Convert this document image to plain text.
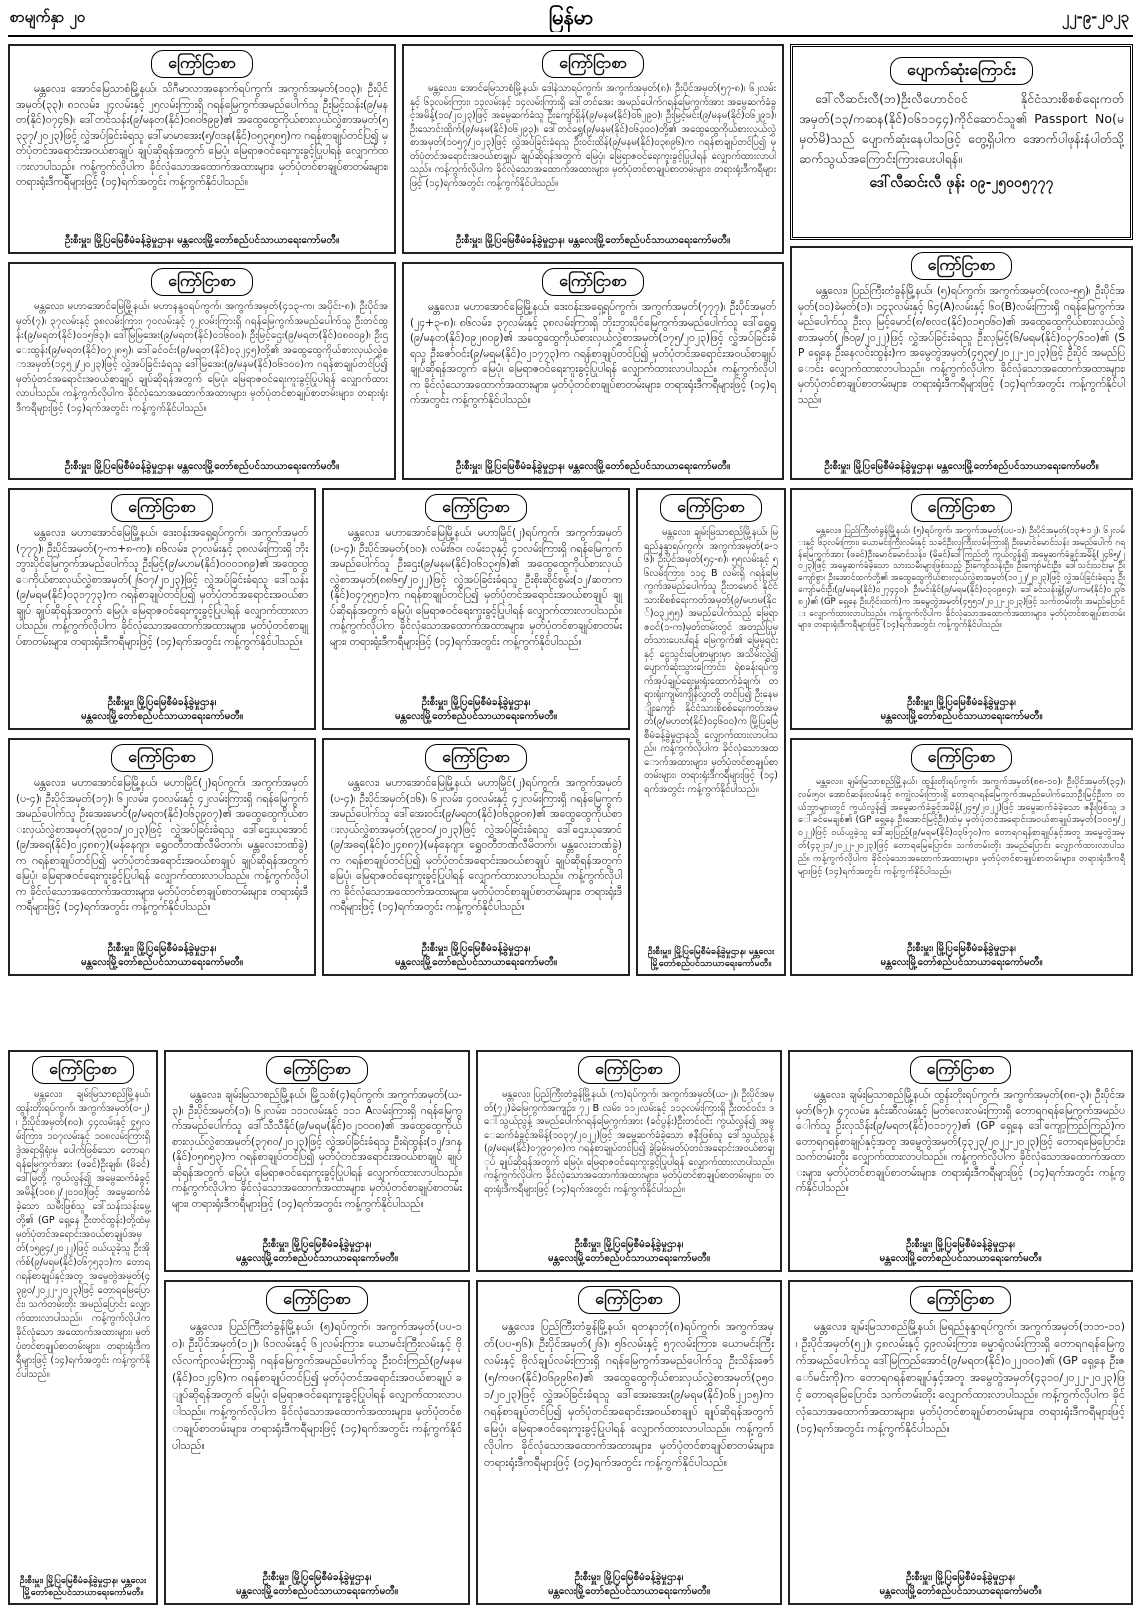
စာမျက်နှာ ၂၀	မြန်မာ	၂၂-၉-၂၀၂၃
ကြော်ငြာစာ
မန္တလေး၊ အောင်မြေသာစံမြို့နယ်၊ သိဂီမာလာအနောက်ရပ်ကွက်၊ အကွက်အမှတ်(၁၀၃)၊ ဦးပိုင်အမှတ်(၃၃)၊ ၈၁လမ်း၊ ၂၄လမ်းနှင့် ၂၅လမ်းကြားရှိ ဂရန်မြေကွက်အမည်ပေါက်သူ ဦးမြင့်သန်း(၉/မနတ(နိုင်)၀၇၄၆)၊ ဒေါ်တင်သန်း(၉/မနတ(နိုင်)၀၈၀၆၉၉)၏ အထွေထွေကိုယ်စားလှယ်လွှဲစာအမှတ်(၅၃၃၇/၂၀၂၃)ဖြင့် လွှဲအပ်ခြင်းခံရသူ ဒေါ်မာမာအေး(၅/ဝဒန(နိုင်)၀၅၃၅၈၅)က ဂရန်စာချုပ်တင်ပြ၍ မှတ်ပုံတင်အရောင်းအဝယ်စာချုပ် ချုပ်ဆိုရန်အတွက် မြေပုံ၊ မြေရာဇဝင်ရေးကူးခွင့်ပြုပါရန် လျှောက်ထားလာပါသည်။ ကန့်ကွက်လိုပါက ခိုင်လုံသောအထောက်အထားများ၊ မှတ်ပုံတင်စာချုပ်စာတမ်းများ၊ တရားရုံးဒီကရီများဖြင့် (၁၄)ရက်အတွင်း ကန့်ကွက်နိုင်ပါသည်။
ဦးစီးမှူး၊ မြို့ပြမြေစီမံခန့်ခွဲမှုဌာန၊ မန္တလေးမြို့တော်စည်ပင်သာယာရေးကော်မတီ။
ကြော်ငြာစာ
မန္တလေး၊ အောင်မြေသာစံမြို့နယ်၊ ဒေါနဲသာရပ်ကွက်၊ အကွက်အမှတ်(၈)၊ ဦးပိုင်အမှတ်(၅၇-၈)၊ ၆၂လမ်းနှင့် ၆၃လမ်းကြား၊ ၁၃လမ်းနှင့် ၁၄လမ်းကြားရှိ ဒေါ်တင်အေး အမည်ပေါက်ဂရန်မြေကွက်အား အမွေဆက်ခံခွင့်အမိန့်(၁၀/၂၀၂၃)ဖြင့် အမွေဆက်ခံသူ ဦးကျော်ရှိန်(၉/မနမ(နိုင်)၀၆၂၉၀)၊ ဦးမြင့်မင်း(၉/မနမ(နိုင်)၀၆၂၉၁)၊ ဦးသောင်းထိုက်(၉/မနမ(နိုင်)၀၆၂၉၃)၊ ဒေါ်တင်ရွှေ(၉/မနမ(နိုင်)၀၆၃၀၀)တို့၏ အထွေထွေကိုယ်စားလှယ်လွှဲစာအမှတ်(၁၀၅၇/၂၀၂၃)ဖြင့် လွှဲအပ်ခြင်းခံရသူ ဦးဝင်းထိန်(၉/မနမ(နိုင်)၀၃၈၉၆)က ဂရန်စာချုပ်တင်ပြ၍ မှတ်ပုံတင်အရောင်းအဝယ်စာချုပ် ချုပ်ဆိုရန်အတွက် မြေပုံ၊ မြေရာဇဝင်ရေးကူးခွင့်ပြုပါရန် လျှောက်ထားလာပါသည်။ ကန့်ကွက်လိုပါက ခိုင်လုံသောအထောက်အထားများ၊ မှတ်ပုံတင်စာချုပ်စာတမ်းများ၊ တရားရုံးဒီကရီများဖြင့် (၁၄)ရက်အတွင်း ကန့်ကွက်နိုင်ပါသည်။
ဦးစီးမှူး၊ မြို့ပြမြေစီမံခန့်ခွဲမှုဌာန၊ မန္တလေးမြို့တော်စည်ပင်သာယာရေးကော်မတီ။
ပျောက်ဆုံးကြောင်း
ဒေါ်လီဆင်းလီ(ဘ)ဦးလီဟောင်ဝင် နိုင်ငံသားစိစစ်ရေးကတ်အမှတ်(၁၃/ကဆန(နိုင်)၀၆၁၁၄၄)ကိုင်ဆောင်သူ၏ Passport No(မမှတ်မိ)သည် ပျောက်ဆုံးနေပါသဖြင့် တွေ့ရှိပါက အောက်ပါဖုန်းနံပါတ်သို့ ဆက်သွယ်အကြောင်းကြားပေးပါရန်။
ဒေါ်လီဆင်းလီ ဖုန်း ၀၉-၂၅၀၀၅၇၇၇
ကြော်ငြာစာ
မန္တလေး၊ မဟာအောင်မြေမြို့နယ်၊ မဟာနန္ဒဝရပ်ကွက်၊ အကွက်အမှတ်(၄၁၃-က၊ အပိုင်း-၈)၊ ဦးပိုင်အမှတ်(၇)၊ ၃၇လမ်းနှင့် ၃၈လမ်းကြား၊ ၇၀လမ်းနှင့် ၇၂လမ်းကြားရှိ ဂရန်မြေကွက်အမည်ပေါက်သူ ဦးတင်ထွန်း(၉/မရတ(နိုင်)၀၁၅၆၃)၊ ဒေါ်မြမြအေး(၉/မရတ(နိုင်)၀၁၆၀၀)၊ ဦးမြင့်ဌေး(၉/မရတ(နိုင်)၀၈၀၀၉)၊ ဦးဌေးထွန်း(၉/မရတ(နိုင်)၀၇၂၈၅)၊ ဒေါ်ခင်ဝင်း(၉/မရတ(နိုင်)၀၃၂၄၅)တို့၏ အထွေထွေကိုယ်စားလှယ်လွှဲစာအမှတ်(၁၄၅၂/၂၀၂၃)ဖြင့် လွှဲအပ်ခြင်းခံရသူ ဒေါ်မြအေး(၉/မနမ(နိုင်)၀၆၁၀၀)က ဂရန်စာချုပ်တင်ပြ၍ မှတ်ပုံတင်အရောင်းအဝယ်စာချုပ် ချုပ်ဆိုရန်အတွက် မြေပုံ၊ မြေရာဇဝင်ရေးကူးခွင့်ပြုပါရန် လျှောက်ထားလာပါသည်။ ကန့်ကွက်လိုပါက ခိုင်လုံသောအထောက်အထားများ၊ မှတ်ပုံတင်စာချုပ်စာတမ်းများ၊ တရားရုံးဒီကရီများဖြင့် (၁၄)ရက်အတွင်း ကန့်ကွက်နိုင်ပါသည်။
ဦးစီးမှူး၊ မြို့ပြမြေစီမံခန့်ခွဲမှုဌာန၊ မန္တလေးမြို့တော်စည်ပင်သာယာရေးကော်မတီ။
ကြော်ငြာစာ
မန္တလေး၊ မဟာအောင်မြေမြို့နယ်၊ ဒေးဝန်းအရှေ့ရပ်ကွက်၊ အကွက်အမှတ်(၇၇၇)၊ ဦးပိုင်အမှတ်(၂၄+၃-၈)၊ ၈၆လမ်း၊ ၃၇လမ်းနှင့် ၃၈လမ်းကြားရှိ ဘိုးဘွားပိုင်မြေကွက်အမည်ပေါက်သူ ဒေါ်ရွှေရှု(၉/မနတ(နိုင်)၀၉၂၈၀၉)၏ အထွေထွေကိုယ်စားလှယ်လွှဲစာအမှတ်(၁၇၅/၂၀၂၃)ဖြင့် လွှဲအပ်ခြင်းခံရသူ ဦးဇော်ဝင်း(၉/မရမ(နိုင်)၀၂၁၇၇၃)က ဂရန်စာချုပ်တင်ပြ၍ မှတ်ပုံတင်အရောင်းအဝယ်စာချုပ် ချုပ်ဆိုရန်အတွက် မြေပုံ၊ မြေရာဇဝင်ရေးကူးခွင့်ပြုပါရန် လျှောက်ထားလာပါသည်။ ကန့်ကွက်လိုပါက ခိုင်လုံသောအထောက်အထားများ၊ မှတ်ပုံတင်စာချုပ်စာတမ်းများ၊ တရားရုံးဒီကရီများဖြင့် (၁၄)ရက်အတွင်း ကန့်ကွက်နိုင်ပါသည်။
ဦးစီးမှူး၊ မြို့ပြမြေစီမံခန့်ခွဲမှုဌာန၊ မန္တလေးမြို့တော်စည်ပင်သာယာရေးကော်မတီ။
ကြော်ငြာစာ
မန္တလေး၊ ပြည်ကြီးတံခွန်မြို့နယ်၊ (၅)ရပ်ကွက်၊ အကွက်အမှတ်(လလ-၅၅)၊ ဦးပိုင်အမှတ်(၁၁)ခဲမှတ်(၁)၊ ၁၄၃လမ်းနှင့် ၆၄(A)လမ်းနှင့် ၆၀(B)လမ်းကြားရှိ ဂရန်မြေကွက်အမည်ပေါက်သူ ဦးလှ မြင့်မောင်(၈/စလင(နိုင်)၀၁၅၁၆၀)၏ အထွေထွေကိုယ်စားလှယ်လွှဲစာအမှတ်(၂၆၀၉/၂၀၂၂)ဖြင့် လွှဲအပ်ခြင်းခံရသူ ဦးလှမြင့်(၆/မရမ(နိုင်)၀၃၇၆၁၀)၏ (SP ရှေ့နေ ဦးနေလင်းထွန်း)က အမွေတွဲအမှတ်(၄၅၃၅/၂၀၂၂-၂၀၂၃)ဖြင့် ဦးပိုင် အမည်ပြောင်း လျှောက်ထားလာပါသည်။ ကန့်ကွက်လိုပါက ခိုင်လုံသောအထောက်အထားများ၊ မှတ်ပုံတင်စာချုပ်စာတမ်းများ၊ တရားရုံးဒီကရီများဖြင့် (၁၄)ရက်အတွင်း ကန့်ကွက်နိုင်ပါသည်။
ဦးစီးမှူး၊ မြို့ပြမြေစီမံခန့်ခွဲမှုဌာန၊ မန္တလေးမြို့တော်စည်ပင်သာယာရေးကော်မတီ။
ကြော်ငြာစာ
မန္တလေး၊ မဟာအောင်မြေမြို့နယ်၊ ဒေးဝန်းအရှေ့ရပ်ကွက်၊ အကွက်အမှတ်(၇၇၇)၊ ဦးပိုင်အမှတ်(၇-က+၈-က)၊ ၈၆လမ်း၊ ၃၇လမ်းနှင့် ၃၈လမ်းကြားရှိ ဘိုးဘွားပိုင်မြေကွက်အမည်ပေါက်သူ ဦးမြင့်(၉/မဟမ(နိုင်)၀၀၀၁၈၉)၏ အထွေထွေကိုယ်စားလှယ်လွှဲစာအမှတ်(၂၆၀၇/၂၀၂၃)ဖြင့် လွှဲအပ်ခြင်းခံရသူ ဒေါ်သန်း(၉/မရမ(နိုင်)၀၃၁၇၇၃)က ဂရန်စာချုပ်တင်ပြ၍ မှတ်ပုံတင်အရောင်းအဝယ်စာချုပ် ချုပ်ဆိုရန်အတွက် မြေပုံ၊ မြေရာဇဝင်ရေးကူးခွင့်ပြုပါရန် လျှောက်ထားလာပါသည်။ ကန့်ကွက်လိုပါက ခိုင်လုံသောအထောက်အထားများ၊ မှတ်ပုံတင်စာချုပ်စာတမ်းများ၊ တရားရုံးဒီကရီများဖြင့် (၁၄)ရက်အတွင်း ကန့်ကွက်နိုင်ပါသည်။
ဦးစီးမှူး၊ မြို့ပြမြေစီမံခန့်ခွဲမှုဌာန၊
မန္တလေးမြို့တော်စည်ပင်သာယာရေးကော်မတီ။
ကြော်ငြာစာ
မန္တလေး၊ မဟာအောင်မြေမြို့နယ်၊ မဟာမြိုင်(၂)ရပ်ကွက်၊ အကွက်အမှတ်(ပ-၄)၊ ဦးပိုင်အမှတ်(၁၀)၊ လမ်း၆၀၊ လမ်း၁၃နှင့် ၄၁လမ်းကြားရှိ ဂရန်မြေကွက်အမည်ပေါက်သူ ဦးဌေး(၉/မနမ(နိုင်)၀၆၁၃၅၆)၏ အထွေထွေကိုယ်စားလှယ်လွှဲစာအမှတ်(၈၈၆၅/၂၀၂၂)ဖြင့် လွှဲအပ်ခြင်းခံရသူ ဦးစိုးဆိုင်စွမ်း(၁၂/ဆတက(နိုင်)၀၄၇၅၅၁)က ဂရန်စာချုပ်တင်ပြ၍ မှတ်ပုံတင်အရောင်းအဝယ်စာချုပ် ချုပ်ဆိုရန်အတွက် မြေပုံ၊ မြေရာဇဝင်ရေးကူးခွင့်ပြုပါရန် လျှောက်ထားလာပါသည်။ ကန့်ကွက်လိုပါက ခိုင်လုံသောအထောက်အထားများ၊ မှတ်ပုံတင်စာချုပ်စာတမ်းများ၊ တရားရုံးဒီကရီများဖြင့် (၁၄)ရက်အတွင်း ကန့်ကွက်နိုင်ပါသည်။
ဦးစီးမှူး၊ မြို့ပြမြေစီမံခန့်ခွဲမှုဌာန၊
မန္တလေးမြို့တော်စည်ပင်သာယာရေးကော်မတီ။
ကြော်ငြာစာ
မန္တလေး၊ ချမ်းမြသာစည်မြို့နယ်၊ မြရည်နန္ဒာရပ်ကွက်၊ အကွက်အမှတ်(ခ-၁၆)၊ ဦးပိုင်အမှတ်(၅၄-၈)၊ ၅၅လမ်းနှင့် ၅၆လမ်းကြား၊ ၁၁၄ B လမ်းရှိ ဂရန်မြေကွက်အမည်ပေါက်သူ ဦးဘမောင် နိုင်ငံသားစိစစ်ရေးကတ်အမှတ်(၉/မဟမ(နိုင်)၀၃၂၅၅) အမည်ပေါက်သည့် မြေရာဇဝင်(၁-က)မှတ်တမ်းတွင် အတည်ပြုမှတ်သားပေးပါရန် မြေကွက်၏ မြေမူရင်းနှင့် ငွေသွင်းပြေစာများမှာ အသိမ်းလွှဲ၍ ပျောက်ဆုံးသွားကြောင်း၊ ရဲစခန်းရပ်ကွက်အုပ်ချုပ်ရေးမှူးရုံးထောက်ခံချက်၊ တရားရုံးကျမ်းကျိန်လွှာတို့ တင်ပြ၍ ဦးနေမျိုးကျော် နိုင်ငံသားစိစစ်ရေးကတ်အမှတ်(၉/မဟတ(နိုင်)၀၄၆၀၀)က မြို့ပြမြေစီမံခန့်ခွဲမှုဌာနသို့ လျှောက်ထားလာပါသည်။ ကန့်ကွက်လိုပါက ခိုင်လုံသောအထောက်အထားများ၊ မှတ်ပုံတင်စာချုပ်စာတမ်းများ၊ တရားရုံးဒီကရီများဖြင့် (၁၄)ရက်အတွင်း ကန့်ကွက်နိုင်ပါသည်။
ဦးစီးမှူး၊ မြို့ပြမြေစီမံခန့်ခွဲမှုဌာန၊ မန္တလေးမြို့တော်စည်ပင်သာယာရေးကော်မတီ။
ကြော်ငြာစာ
မန္တလေး၊ ပြည်ကြီးတံခွန်မြို့နယ်၊ (၅)ရပ်ကွက်၊ အကွက်အမှတ်(ပပ-၁)၊ ဦးပိုင်အမှတ်(၁၃+၁၂)၊ ၆၂လမ်းနှင့် ၆၃လမ်းကြား၊ ယောမင်းကြီးလမ်းနှင့် သခင်ဦးလှကြီးလမ်းကြားရှိ ဦးမောင်မောင်သန်း အမည်ပေါက် ဂရန်မြေကွက်အား (ဖခင်)ဦးမောင်မောင်သန်း၊ (မိခင်)ဒေါ်ကြည်တို့ ကွယ်လွန်၍ အမွေဆက်ခံခွင့်အမိန့်(၂၄၆၅/၂၀၂၃)ဖြင့် အမွေဆက်ခံခဲ့သော သားသမီးများဖြစ်သည့် ဦးကျော်သန်းဦး၊ ဦးကျော်မင်းဦး၊ ဒေါ်သင်းသင်းမူ၊ ဦးကျော်စွာ၊ ဦးအောင်ထက်တို့၏ အထွေထွေကိုယ်စားလှယ်လွှဲစာအမှတ်(၁၀၂၂/၂၀၂၃)ဖြင့် လွှဲအပ်ခြင်းခံရသူ ဦးကျော်မင်းဦး(၉/မရမ(နိုင်)၀၂၇၄၄၀)၊ ဦးမင်းနိုင်(၉/မရမ(နိုင်)၀၃၀၉၈၄)၊ ဒေါ်ခင်သန်းနွဲ့(၉/ပကမ(နိုင်)၀၂၃၆၈၂)၏ (GP ရှေ့နေ ဦးဟိုင်းထက်)က အမွေတွဲအမှတ်(၄၅၅၁/၂၀၂၂-၂၀၂၃)ဖြင့် သက်တမ်းတိုး အမည်ပြောင်း လျှောက်ထားလာပါသည်။ ကန့်ကွက်လိုပါက ခိုင်လုံသောအထောက်အထားများ၊ မှတ်ပုံတင်စာချုပ်စာတမ်းများ၊ တရားရုံးဒီကရီများဖြင့် (၁၄)ရက်အတွင်း ကန့်ကွက်နိုင်ပါသည်။
ဦးစီးမှူး၊ မြို့ပြမြေစီမံခန့်ခွဲမှုဌာန၊
မန္တလေးမြို့တော်စည်ပင်သာယာရေးကော်မတီ။
ကြော်ငြာစာ
မန္တလေး၊ မဟာအောင်မြေမြို့နယ်၊ မဟာမြိုင်(၂)ရပ်ကွက်၊ အကွက်အမှတ်(ပ-၄)၊ ဦးပိုင်အမှတ်(၁၇)၊ ၆၂လမ်း၊ ၄၀လမ်းနှင့် ၄၂လမ်းကြားရှိ ဂရန်မြေကွက်အမည်ပေါက်သူ ဦးအေးမောင်(၉/မရတ(နိုင်)၀၆၃၉၀၇)၏ အထွေထွေကိုယ်စားလှယ်လွှဲစာအမှတ်(၃၉၁၁/၂၀၂၃)ဖြင့် လွှဲအပ်ခြင်းခံရသူ ဒေါ်ဌေးယုအောင်(၉/အဓရ(နိုင်)၀၂၄၈၈၇)(မန်နေဂျာ၊ ရွှေဝတီဘဏ်လီမိတက်၊ မန္တလေးဘဏ်ခွဲ)က ဂရန်စာချုပ်တင်ပြ၍ မှတ်ပုံတင်အရောင်းအဝယ်စာချုပ် ချုပ်ဆိုရန်အတွက် မြေပုံ၊ မြေရာဇဝင်ရေးကူးခွင့်ပြုပါရန် လျှောက်ထားလာပါသည်။ ကန့်ကွက်လိုပါက ခိုင်လုံသောအထောက်အထားများ၊ မှတ်ပုံတင်စာချုပ်စာတမ်းများ၊ တရားရုံးဒီကရီများဖြင့် (၁၄)ရက်အတွင်း ကန့်ကွက်နိုင်ပါသည်။
ဦးစီးမှူး၊ မြို့ပြမြေစီမံခန့်ခွဲမှုဌာန၊
မန္တလေးမြို့တော်စည်ပင်သာယာရေးကော်မတီ။
ကြော်ငြာစာ
မန္တလေး၊ မဟာအောင်မြေမြို့နယ်၊ မဟာမြိုင်(၂)ရပ်ကွက်၊ အကွက်အမှတ်(ပ-၄)၊ ဦးပိုင်အမှတ်(၁၆)၊ ၆၂လမ်း၊ ၄၀လမ်းနှင့် ၄၂လမ်းကြားရှိ ဂရန်မြေကွက်အမည်ပေါက်သူ ဒေါ်အေးဝင်း(၉/မရတ(နိုင်)၀၆၃၉၀၈)၏ အထွေထွေကိုယ်စားလှယ်လွှဲစာအမှတ်(၃၉၁၀/၂၀၂၃)ဖြင့် လွှဲအပ်ခြင်းခံရသူ ဒေါ်ဌေးယုအောင်(၉/အဓရ(နိုင်)၀၂၄၈၈၇)(မန်နေဂျာ၊ ရွှေဝတီဘဏ်လီမိတက်၊ မန္တလေးဘဏ်ခွဲ)က ဂရန်စာချုပ်တင်ပြ၍ မှတ်ပုံတင်အရောင်းအဝယ်စာချုပ် ချုပ်ဆိုရန်အတွက် မြေပုံ၊ မြေရာဇဝင်ရေးကူးခွင့်ပြုပါရန် လျှောက်ထားလာပါသည်။ ကန့်ကွက်လိုပါက ခိုင်လုံသောအထောက်အထားများ၊ မှတ်ပုံတင်စာချုပ်စာတမ်းများ၊ တရားရုံးဒီကရီများဖြင့် (၁၄)ရက်အတွင်း ကန့်ကွက်နိုင်ပါသည်။
ဦးစီးမှူး၊ မြို့ပြမြေစီမံခန့်ခွဲမှုဌာန၊
မန္တလေးမြို့တော်စည်ပင်သာယာရေးကော်မတီ။
ကြော်ငြာစာ
မန္တလေး၊ ချမ်းမြသာစည်မြို့နယ်၊ ထွန်းတိုးရပ်ကွက်၊ အကွက်အမှတ်(၈၈-၁၀)၊ ဦးပိုင်အမှတ်(၃၄)၊ လမ်း၅၀၊ အောင်ဆန်းလမ်းနှင့် ၈ကျွဲလမ်းကြားရှိ တောရဂရန်မြေကွက်အမည်ပေါက်သောဦးမြင့်ဦးက တယ်ဘွာများတွင် ကွယ်လွန်၍ အမွေဆက်ခံခွင့်အမိန့်(၂၄၅/၂၀၂၂)ဖြင့် အမွေဆက်ခံခဲ့သော ဇနီးဖြစ်သူ ဒေါ်ခင်မေချစ်၏ (GP ရှေ့နေ ဦးအောင်မြင့်ဦး)ထံမှ မှတ်ပုံတင်အရောင်းအဝယ်စာချုပ်အမှတ်(၁၀၀၅/၂၀၂၂)ဖြင့် ဝယ်ယူခဲ့သူ ဒေါ်ဆုပြည့်(၉/မရမ(နိုင်)၀၃၆၇၀)က တောရဂရန်စာချုပ်နှင့်အတူ အမွေတွဲအမှတ်(၄၃၂၁/၂၀၂၂-၂၀၂၃)ဖြင့် တောရမြေပြောင်း၊ သက်တမ်းတိုး အမည်ပြောင်း လျှောက်ထားလာပါသည်။ ကန့်ကွက်လိုပါက ခိုင်လုံသောအထောက်အထားများ၊ မှတ်ပုံတင်စာချုပ်စာတမ်းများ၊ တရားရုံးဒီကရီများဖြင့် (၁၄)ရက်အတွင်း ကန့်ကွက်နိုင်ပါသည်။
ဦးစီးမှူး၊ မြို့ပြမြေစီမံခန့်ခွဲမှုဌာန၊
မန္တလေးမြို့တော်စည်ပင်သာယာရေးကော်မတီ။
ကြော်ငြာစာ
မန္တလေး၊ ချမ်းမြသာစည်မြို့နယ်၊ ထွန်းတိုးရပ်ကွက်၊ အကွက်အမှတ်(ဝ-၂)၊ ဦးပိုင်အမှတ်(၈၀)၊ ၄၄လမ်းနှင့် ၄၅လမ်းကြား၊ ၁၀၇လမ်းနှင့် ၁၀၈လမ်းကြားရှိ ဒွဲအရာရှိရုံးမှ ပေါက်ဖြစ်သော တောရဂရန်မြေကွက်အား (ဖခင်)ဦးချစ်၊ (မိခင်)ဒေါ်မြတို့ ကွယ်လွန်၍ အမွေဆက်ခံခွင့်အမိန့်(၁၀၈၂/၂၀၁၀)ဖြင့် အမွေဆက်ခံခဲ့သော သမီးဖြစ်သူ ဒေါ်သန်းသန်းမွေ့တို့၏ (GP ရှေ့နေ ဦးတင်ထွန်း)တို့ထံမှ မှတ်ပုံတင်အရောင်းအဝယ်စာချုပ်အမှတ်(၁၅၉၄/၂၀၂၂)ဖြင့် ဝယ်ယူခဲ့သူ ဦးအိုက်စ်(၉/မရမ(နိုင်)၀၆၇၅၃၁)က တောရဂရန်စာချုပ်နှင့်အတူ အမွေတွဲအမှတ်(၄၃၉၀/၂၀၂၂-၂၀၂၃)ဖြင့် တောရမြေပြောင်း၊ သက်တမ်းတိုး အမည်ပြောင်း လျှောက်ထားလာပါသည်။ ကန့်ကွက်လိုပါက ခိုင်လုံသော အထောက်အထားများ၊ မှတ်ပုံတင်စာချုပ်စာတမ်းများ၊ တရားရုံးဒီကရီများဖြင့် (၁၄)ရက်အတွင်း ကန့်ကွက်နိုင်ပါသည်။
ဦးစီးမှူး၊ မြို့ပြမြေစီမံခန့်ခွဲမှုဌာန၊ မန္တလေးမြို့တော်စည်ပင်သာယာရေးကော်မတီ။
ကြော်ငြာစာ
မန္တလေး၊ ချမ်းမြသာစည်မြို့နယ်၊ မြို့သစ်(၄)ရပ်ကွက်၊ အကွက်အမှတ်(ယ-၃)၊ ဦးပိုင်အမှတ်(၁)၊ ၆၂လမ်း၊ ၁၁၁လမ်းနှင့် ၁၁၁ Aလမ်းကြားရှိ ဂရန်မြေကွက်အမည်ပေါက်သူ ဒေါ်သီသီနိုင်(၉/မရမ(နိုင်)၀၂၁၀၀၈)၏ အထွေထွေကိုယ်စားလှယ်လွှဲစာအမှတ်(၃၇၈၀/၂၀၂၃)ဖြင့် လွှဲအပ်ခြင်းခံရသူ ဦးရဲထွန်း(၁၂/ဒဂန(နိုင်)၀၅၈၅၃)က ဂရန်စာချုပ်တင်ပြ၍ မှတ်ပုံတင်အရောင်းအဝယ်စာချုပ် ချုပ်ဆိုရန်အတွက် မြေပုံ၊ မြေရာဇဝင်ရေးကူးခွင့်ပြုပါရန် လျှောက်ထားလာပါသည်။ ကန့်ကွက်လိုပါက ခိုင်လုံသောအထောက်အထားများ၊ မှတ်ပုံတင်စာချုပ်စာတမ်းများ၊ တရားရုံးဒီကရီများဖြင့် (၁၄)ရက်အတွင်း ကန့်ကွက်နိုင်ပါသည်။
ဦးစီးမှူး၊ မြို့ပြမြေစီမံခန့်ခွဲမှုဌာန၊
မန္တလေးမြို့တော်စည်ပင်သာယာရေးကော်မတီ။
ကြော်ငြာစာ
မန္တလေး၊ ပြည်ကြီးတံခွန်မြို့နယ်၊ (က)ရပ်ကွက်၊ အကွက်အမှတ်(ယ-၂)၊ ဦးပိုင်အမှတ်(၇၂)ခဲမြေကွက်အကျဉ်း၊ ၇၂ B လမ်း၊ ၁၁၂လမ်းနှင့် ၁၁၃လမ်းကြားရှိ ဦးတင်ဝင်း၊ ဒေါ်သွယ်ညွန့် အမည်ပေါက်ဂရန်မြေကွက်အား (ခင်ပွန်း)ဦးတင်ဝင်း ကွယ်လွန်၍ အမွေဆက်ခံခွင့်အမိန့်(၁၀၃၇/၂၀၂၂)ဖြင့် အမွေဆက်ခံခဲ့သော ဇနီးဖြစ်သူ ဒေါ်သွယ်ညွန့်(၉/မရမ(နိုင်)၀၇၉၀၇၈)က ဂရန်စာချုပ်တင်ပြ၍ ခွဲခြမ်းမှတ်ပုံတင်အရောင်းအဝယ်စာချုပ် ချုပ်ဆိုရန်အတွက် မြေပုံ၊ မြေရာဇဝင်ရေးကူးခွင့်ပြုပါရန် လျှောက်ထားလာပါသည်။ ကန့်ကွက်လိုပါက ခိုင်လုံသောအထောက်အထားများ၊ မှတ်ပုံတင်စာချုပ်စာတမ်းများ၊ တရားရုံးဒီကရီများဖြင့် (၁၄)ရက်အတွင်း ကန့်ကွက်နိုင်ပါသည်။
ဦးစီးမှူး၊ မြို့ပြမြေစီမံခန့်ခွဲမှုဌာန၊
မန္တလေးမြို့တော်စည်ပင်သာယာရေးကော်မတီ။
ကြော်ငြာစာ
မန္တလေး၊ ချမ်းမြသာစည်မြို့နယ်၊ ထွန်းတိုးရပ်ကွက်၊ အကွက်အမှတ်(၈၈-၃)၊ ဦးပိုင်အမှတ်(၆၇)၊ ၄၇လမ်း၊ နှင်းဆီလမ်းနှင့် မြတ်လေးလမ်းကြားရှိ တောရဂရန်မြေကွက်အမည်ပေါက်သူ ဦးလှသိန်း(၉/မရတ(နိုင်)၀၁၁၇၇)၏ (GP ရှေ့နေ ဒေါ်ကျော့ကြည်ကြည်)က တောရဂရန်စာချုပ်နှင့်အတူ အမွေတွဲအမှတ်(၄၃၂၃/၂၀၂၂-၂၀၂၃)ဖြင့် တောရမြေပြောင်း၊ သက်တမ်းတိုး လျှောက်ထားလာပါသည်။ ကန့်ကွက်လိုပါက ခိုင်လုံသောအထောက်အထားများ၊ မှတ်ပုံတင်စာချုပ်စာတမ်းများ၊ တရားရုံးဒီကရီများဖြင့် (၁၄)ရက်အတွင်း ကန့်ကွက်နိုင်ပါသည်။
ဦးစီးမှူး၊ မြို့ပြမြေစီမံခန့်ခွဲမှုဌာန၊
မန္တလေးမြို့တော်စည်ပင်သာယာရေးကော်မတီ။
ကြော်ငြာစာ
မန္တလေး၊ ပြည်ကြီးတံခွန်မြို့နယ်၊ (၅)ရပ်ကွက်၊ အကွက်အမှတ်(ပပ-၁၀)၊ ဦးပိုင်အမှတ်(၁၂)၊ ၆၁လမ်းနှင့် ၆၂လမ်းကြား၊ ယောမင်းကြီးလမ်းနှင့် ဗိုလ်လက်ျာလမ်းကြားရှိ ဂရန်မြေကွက်အမည်ပေါက်သူ ဦးဝင်းကြည်(၉/မနမ(နိုင်)၀၁၂၄၆)က ဂရန်စာချုပ်တင်ပြ၍ မှတ်ပုံတင်အရောင်းအဝယ်စာချုပ် ချုပ်ဆိုရန်အတွက် မြေပုံ၊ မြေရာဇဝင်ရေးကူးခွင့်ပြုပါရန် လျှောက်ထားလာပါသည်။ ကန့်ကွက်လိုပါက ခိုင်လုံသောအထောက်အထားများ၊ မှတ်ပုံတင်စာချုပ်စာတမ်းများ၊ တရားရုံးဒီကရီများဖြင့် (၁၄)ရက်အတွင်း ကန့်ကွက်နိုင်ပါသည်။
ဦးစီးမှူး၊ မြို့ပြမြေစီမံခန့်ခွဲမှုဌာန၊
မန္တလေးမြို့တော်စည်ပင်သာယာရေးကော်မတီ။
ကြော်ငြာစာ
မန္တလေး၊ ပြည်ကြီးတံခွန်မြို့နယ်၊ ရတနာဘုံ(၈)ရပ်ကွက်၊ အကွက်အမှတ်(ပပ-၅၆)၊ ဦးပိုင်အမှတ်(၂၆)၊ ၅၆လမ်းနှင့် ၅၇လမ်းကြား၊ ယောမင်းကြီးလမ်းနှင့် ဗိုလ်ချုပ်လမ်းကြားရှိ ဂရန်မြေကွက်အမည်ပေါက်သူ ဦးသိန်းဇော်(၅/ကဖဂ(နိုင်)၀၆၉၉၆၈)၏ အထွေထွေကိုယ်စားလှယ်လွှဲစာအမှတ်(၃၅၀၁/၂၀၂၃)ဖြင့် လွှဲအပ်ခြင်းခံရသူ ဒေါ်အေးအေး(၉/မရမ(နိုင်)၀၆၂၂၁၅)က ဂရန်စာချုပ်တင်ပြ၍ မှတ်ပုံတင်အရောင်းအဝယ်စာချုပ် ချုပ်ဆိုရန်အတွက် မြေပုံ၊ မြေရာဇဝင်ရေးကူးခွင့်ပြုပါရန် လျှောက်ထားလာပါသည်။ ကန့်ကွက်လိုပါက ခိုင်လုံသောအထောက်အထားများ၊ မှတ်ပုံတင်စာချုပ်စာတမ်းများ၊ တရားရုံးဒီကရီများဖြင့် (၁၄)ရက်အတွင်း ကန့်ကွက်နိုင်ပါသည်။
ဦးစီးမှူး၊ မြို့ပြမြေစီမံခန့်ခွဲမှုဌာန၊
မန္တလေးမြို့တော်စည်ပင်သာယာရေးကော်မတီ။
ကြော်ငြာစာ
မန္တလေး၊ ချမ်းမြသာစည်မြို့နယ်၊ မြရည်နန္ဒာရပ်ကွက်၊ အကွက်အမှတ်(ဘဘ-၁၁)၊ ဦးပိုင်အမှတ်(၅၂)၊ ၄၈လမ်းနှင့် ၄၉လမ်းကြား၊ ဓမ္မာရုံလမ်းကြားရှိ တောရဂရန်မြေကွက်အမည်ပေါက်သူ ဒေါ်မြကြည်အောင်(၉/မရတ(နိုင်)၀၂၂၀၀၀)၏ (GP ရှေ့နေ ဦးဇော်မင်းကို)က တောရဂရန်စာချုပ်နှင့်အတူ အမွေတွဲအမှတ်(၄၃၁၀/၂၀၂၂-၂၀၂၃)ဖြင့် တောရမြေပြောင်း၊ သက်တမ်းတိုး လျှောက်ထားလာပါသည်။ ကန့်ကွက်လိုပါက ခိုင်လုံသောအထောက်အထားများ၊ မှတ်ပုံတင်စာချုပ်စာတမ်းများ၊ တရားရုံးဒီကရီများဖြင့် (၁၄)ရက်အတွင်း ကန့်ကွက်နိုင်ပါသည်။
ဦးစီးမှူး၊ မြို့ပြမြေစီမံခန့်ခွဲမှုဌာန၊
မန္တလေးမြို့တော်စည်ပင်သာယာရေးကော်မတီ။
